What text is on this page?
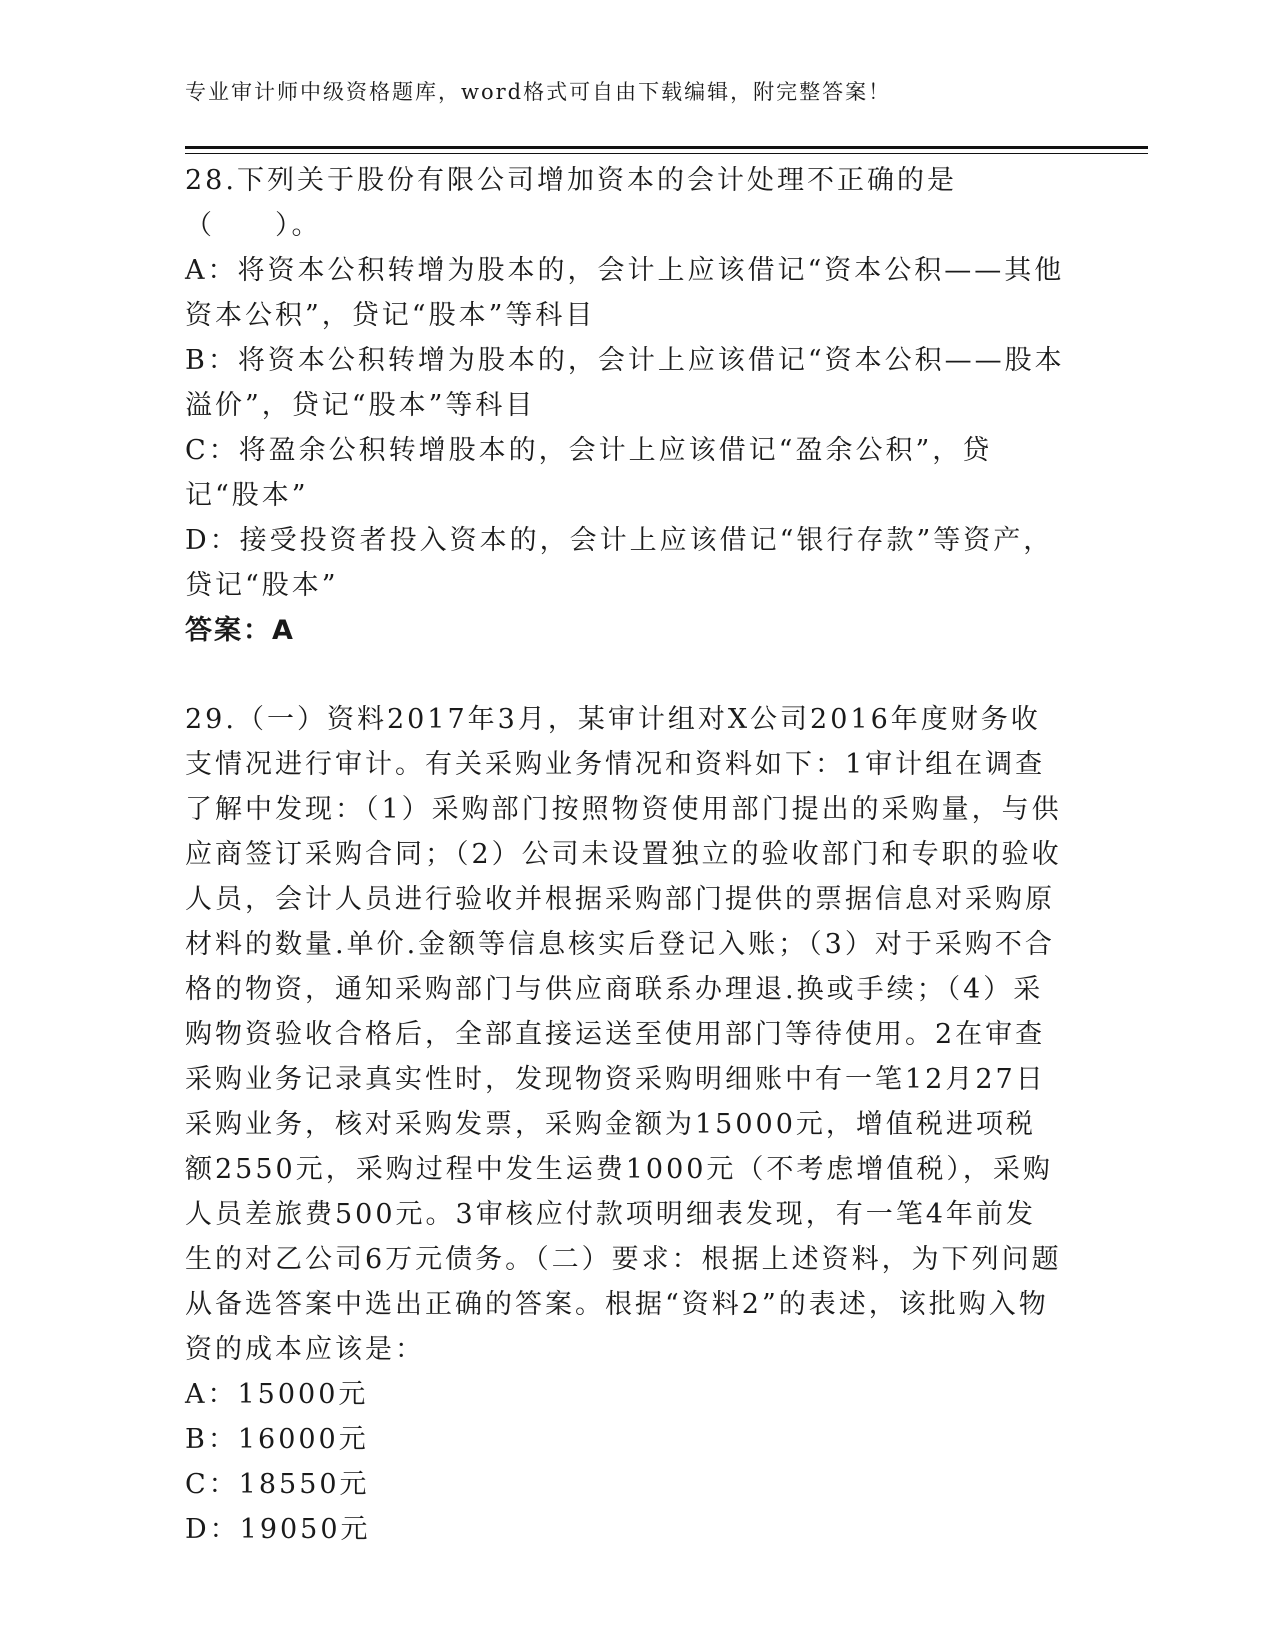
专业审计师中级资格题库，word格式可自由下载编辑，附完整答案！

28.下列关于股份有限公司增加资本的会计处理不正确的是（　　）。

A：将资本公积转增为股本的，会计上应该借记“资本公积——其他资本公积”，贷记“股本”等科目

B：将资本公积转增为股本的，会计上应该借记“资本公积——股本溢价”，贷记“股本”等科目

C：将盈余公积转增股本的，会计上应该借记“盈余公积”，贷记“股本”

D：接受投资者投入资本的，会计上应该借记“银行存款”等资产，贷记“股本”

答案：A

29.（一）资料2017年3月，某审计组对X公司2016年度财务收支情况进行审计。有关采购业务情况和资料如下：1审计组在调查了解中发现：（1）采购部门按照物资使用部门提出的采购量，与供应商签订采购合同；（2）公司未设置独立的验收部门和专职的验收人员，会计人员进行验收并根据采购部门提供的票据信息对采购原材料的数量.单价.金额等信息核实后登记入账；（3）对于采购不合格的物资，通知采购部门与供应商联系办理退.换或手续；（4）采购物资验收合格后，全部直接运送至使用部门等待使用。2在审查采购业务记录真实性时，发现物资采购明细账中有一笔12月27日采购业务，核对采购发票，采购金额为15000元，增值税进项税额2550元，采购过程中发生运费1000元（不考虑增值税），采购人员差旅费500元。3审核应付款项明细表发现，有一笔4年前发生的对乙公司6万元债务。（二）要求：根据上述资料，为下列问题从备选答案中选出正确的答案。根据“资料2”的表述，该批购入物资的成本应该是：

A：15000元

B：16000元

C：18550元

D：19050元
